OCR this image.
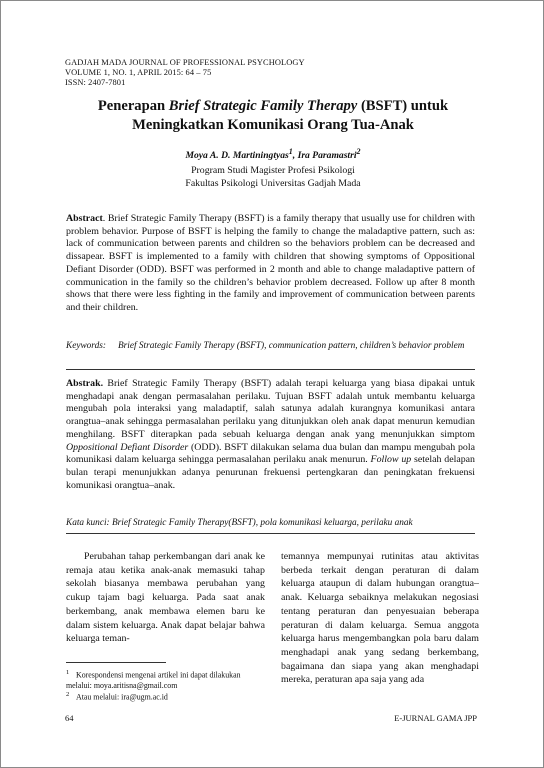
GADJAH MADA JOURNAL OF PROFESSIONAL PSYCHOLOGY
VOLUME 1, NO. 1, APRIL 2015: 64 – 75
ISSN: 2407-7801
Penerapan Brief Strategic Family Therapy (BSFT) untuk
Meningkatkan Komunikasi Orang Tua-Anak
Moya A. D. Martiningtyas$^1$, Ira Paramastri$^2$
Program Studi Magister Profesi Psikologi
Fakultas Psikologi Universitas Gadjah Mada
Abstract. Brief Strategic Family Therapy (BSFT) is a family therapy that usually use for children with problem behavior. Purpose of BSFT is helping the family to change the maladaptive pattern, such as: lack of communication between parents and children so the behaviors problem can be decreased and dissapear. BSFT is implemented to a family with children that showing symptoms of Oppositional Defiant Disorder (ODD). BSFT was performed in 2 month and able to change maladaptive pattern of communication in the family so the children’s behavior problem decreased. Follow up after 8 month shows that there were less fighting in the family and improvement of communication between parents and their children.
Keywords: Brief Strategic Family Therapy (BSFT), communication pattern, children’s behavior problem
Abstrak. Brief Strategic Family Therapy (BSFT) adalah terapi keluarga yang biasa dipakai untuk menghadapi anak dengan permasalahan perilaku. Tujuan BSFT adalah untuk membantu keluarga mengubah pola interaksi yang maladaptif, salah satunya adalah kurangnya komunikasi antara orangtua–anak sehingga permasalahan perilaku yang ditunjukkan oleh anak dapat menurun kemudian menghilang. BSFT diterapkan pada sebuah keluarga dengan anak yang menunjukkan simptom Oppositional Defiant Disorder (ODD). BSFT dilakukan selama dua bulan dan mampu mengubah pola komunikasi dalam keluarga sehingga permasalahan perilaku anak menurun. Follow up setelah delapan bulan terapi menunjukkan adanya penurunan frekuensi pertengkaran dan peningkatan frekuensi komunikasi orangtua–anak.
Kata kunci: Brief Strategic Family Therapy(BSFT), pola komunikasi keluarga, perilaku anak

Perubahan tahap perkembangan dari anak ke remaja atau ketika anak-anak memasuki tahap sekolah biasanya membawa perubahan yang cukup tajam bagi keluarga. Pada saat anak berkembang, anak membawa elemen baru ke dalam sistem keluarga. Anak dapat belajar bahwa keluarga teman-

temannya mempunyai rutinitas atau aktivitas berbeda terkait dengan peraturan di dalam keluarga ataupun di dalam hubungan orangtua–anak. Keluarga sebaiknya melakukan negosiasi tentang peraturan dan penyesuaian beberapa peraturan di dalam keluarga. Semua anggota keluarga harus mengembangkan pola baru dalam menghadapi anak yang sedang berkembang, bagaimana dan siapa yang akan menghadapi mereka, peraturan apa saja yang ada

$^1$ Korespondensi mengenai artikel ini dapat dilakukan melalui: moya.aritisna@gmail.com
$^2$ Atau melalui: ira@ugm.ac.id
64	E-JURNAL GAMA JPP
